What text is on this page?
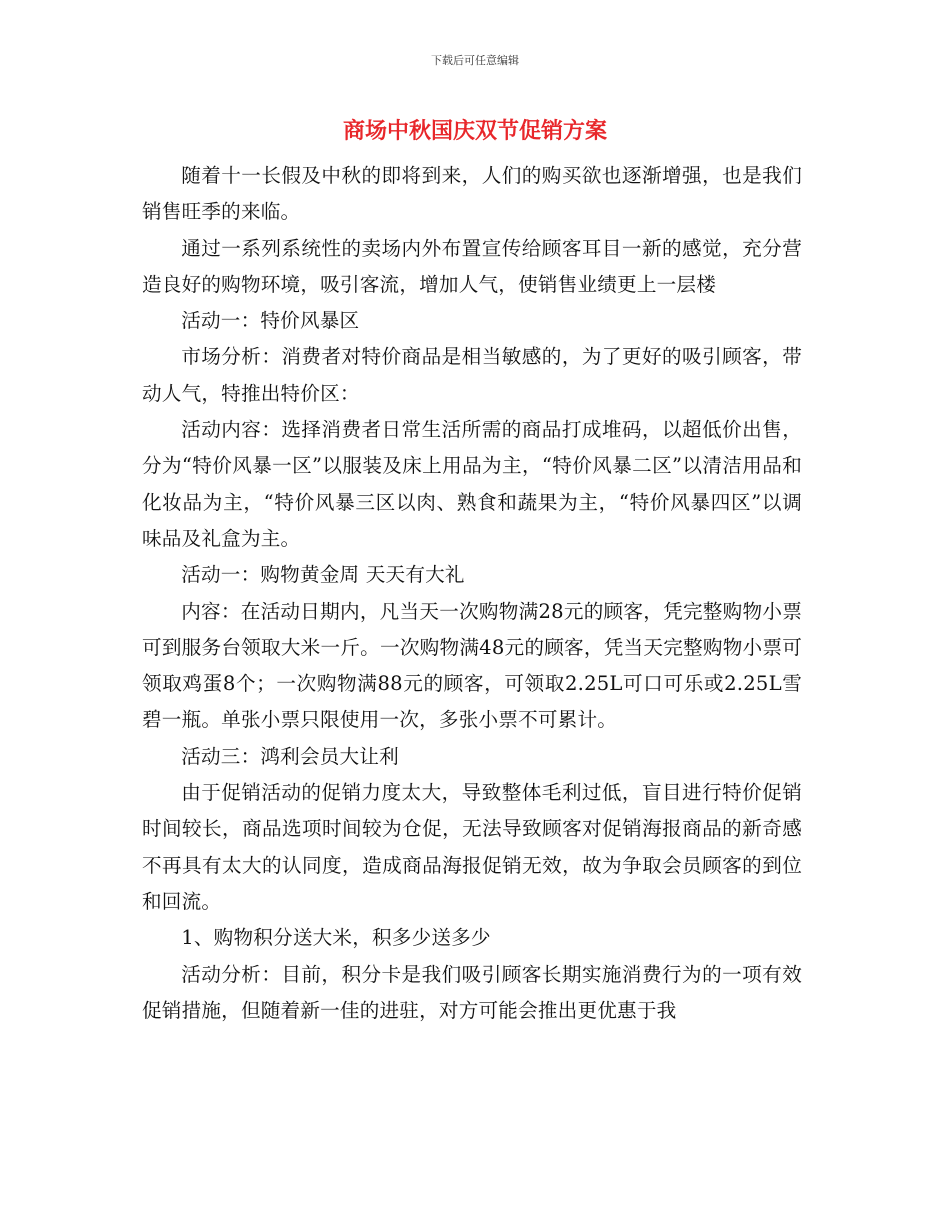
下载后可任意编辑
商场中秋国庆双节促销方案

随着十一长假及中秋的即将到来，人们的购买欲也逐渐增强，也是我们销售旺季的来临。

通过一系列系统性的卖场内外布置宣传给顾客耳目一新的感觉，充分营造良好的购物环境，吸引客流，增加人气，使销售业绩更上一层楼

活动一：特价风暴区

市场分析：消费者对特价商品是相当敏感的，为了更好的吸引顾客，带动人气，特推出特价区：

活动内容：选择消费者日常生活所需的商品打成堆码，以超低价出售，分为“特价风暴一区”以服装及床上用品为主，“特价风暴二区”以清洁用品和化妆品为主，“特价风暴三区以肉、熟食和蔬果为主，“特价风暴四区”以调味品及礼盒为主。

活动一：购物黄金周 天天有大礼

内容：在活动日期内，凡当天一次购物满28元的顾客，凭完整购物小票可到服务台领取大米一斤。一次购物满48元的顾客，凭当天完整购物小票可领取鸡蛋8个；一次购物满88元的顾客，可领取2.25L可口可乐或2.25L雪碧一瓶。单张小票只限使用一次，多张小票不可累计。

活动三：鸿利会员大让利

由于促销活动的促销力度太大，导致整体毛利过低，盲目进行特价促销时间较长，商品选项时间较为仓促，无法导致顾客对促销海报商品的新奇感不再具有太大的认同度，造成商品海报促销无效，故为争取会员顾客的到位和回流。

1、购物积分送大米，积多少送多少

活动分析：目前，积分卡是我们吸引顾客长期实施消费行为的一项有效促销措施，但随着新一佳的进驻，对方可能会推出更优惠于我
